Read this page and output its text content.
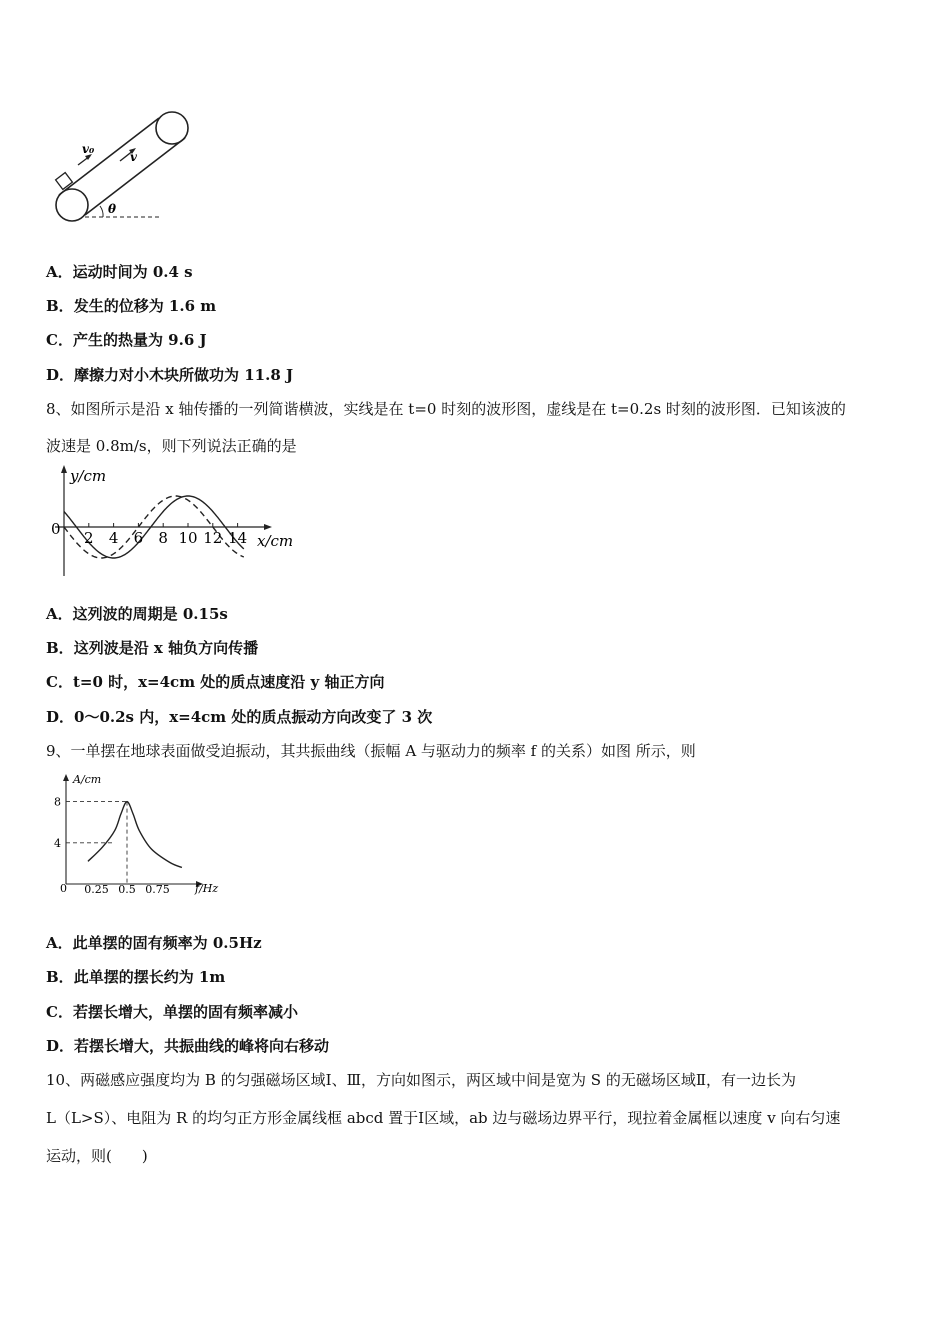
v₀
v
θ
A．运动时间为 0.4 s
B．发生的位移为 1.6 m
C．产生的热量为 9.6 J
D．摩擦力对小木块所做功为 11.8 J
8、如图所示是沿 x 轴传播的一列简谐横波，实线是在 t=0 时刻的波形图，虚线是在 t=0.2s 时刻的波形图．已知该波的
波速是 0.8m/s，则下列说法正确的是
y/cm
x/cm
0 2 4 6 8 10 12 14
A．这列波的周期是 0.15s
B．这列波是沿 x 轴负方向传播
C．t=0 时，x=4cm 处的质点速度沿 y 轴正方向
D．0～0.2s 内，x=4cm 处的质点振动方向改变了 3 次
9、一单摆在地球表面做受迫振动，其共振曲线（振幅 A 与驱动力的频率 f 的关系）如图 所示，则
A/cm
f/Hz
0 0.25 0.5 0.75
4
8
A．此单摆的固有频率为 0.5Hz
B．此单摆的摆长约为 1m
C．若摆长增大，单摆的固有频率减小
D．若摆长增大，共振曲线的峰将向右移动
10、两磁感应强度均为 B 的匀强磁场区域Ⅰ、Ⅲ，方向如图示，两区域中间是宽为 S 的无磁场区域Ⅱ，有一边长为
L（L>S）、电阻为 R 的均匀正方形金属线框 abcd 置于Ⅰ区域，ab 边与磁场边界平行，现拉着金属框以速度 v 向右匀速
运动，则(　　)
